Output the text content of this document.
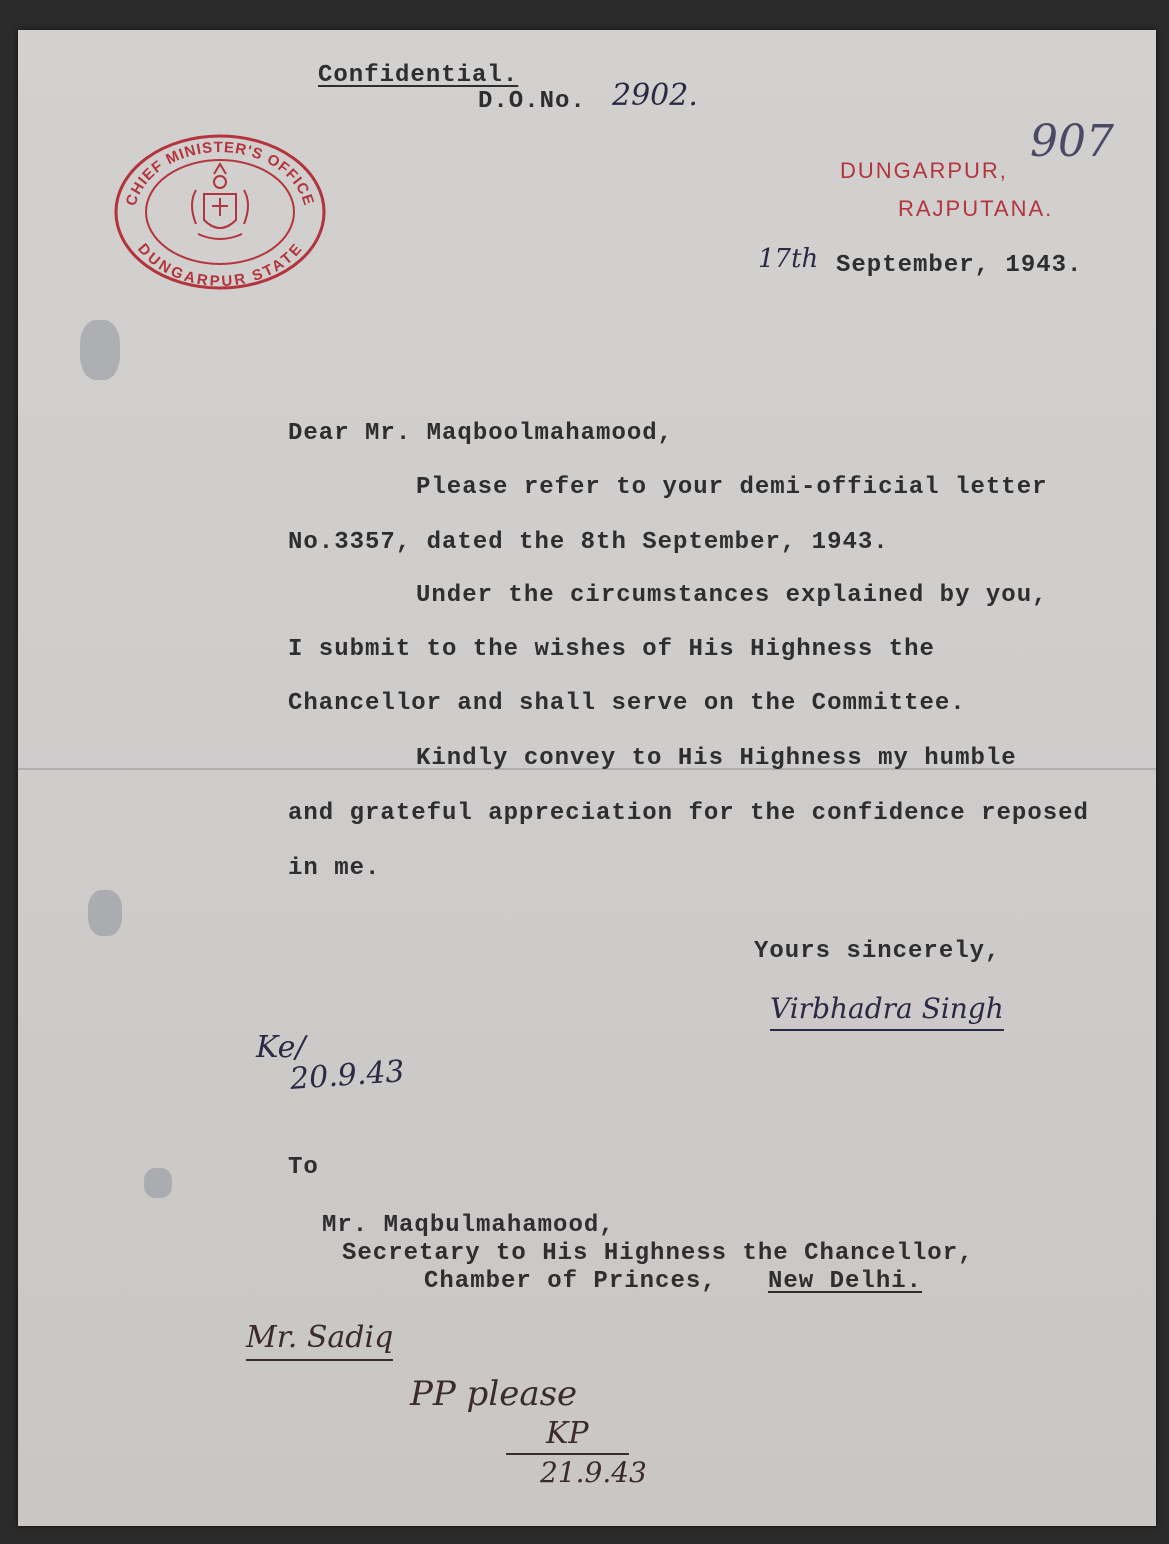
CHIEF MINISTER'S OFFICE
DUNGARPUR STATE
DUNGARPUR,
RAJPUTANA.
Confidential.
D.O.No. 2902.
907
17th September, 1943.
Dear Mr. Maqboolmahamood,
Please refer to your demi-official letter
No.3357, dated the 8th September, 1943.
Under the circumstances explained by you,
I submit to the wishes of His Highness the
Chancellor and shall serve on the Committee.
Kindly convey to His Highness my humble
and grateful appreciation for the confidence reposed
in me.
Yours sincerely,
Virbhadra Singh
Ke/
20.9.43
To
Mr. Maqbulmahamood,
Secretary to His Highness the Chancellor,
Chamber of Princes, New Delhi.
Mr. Sadiq
PP please
KP
21.9.43
